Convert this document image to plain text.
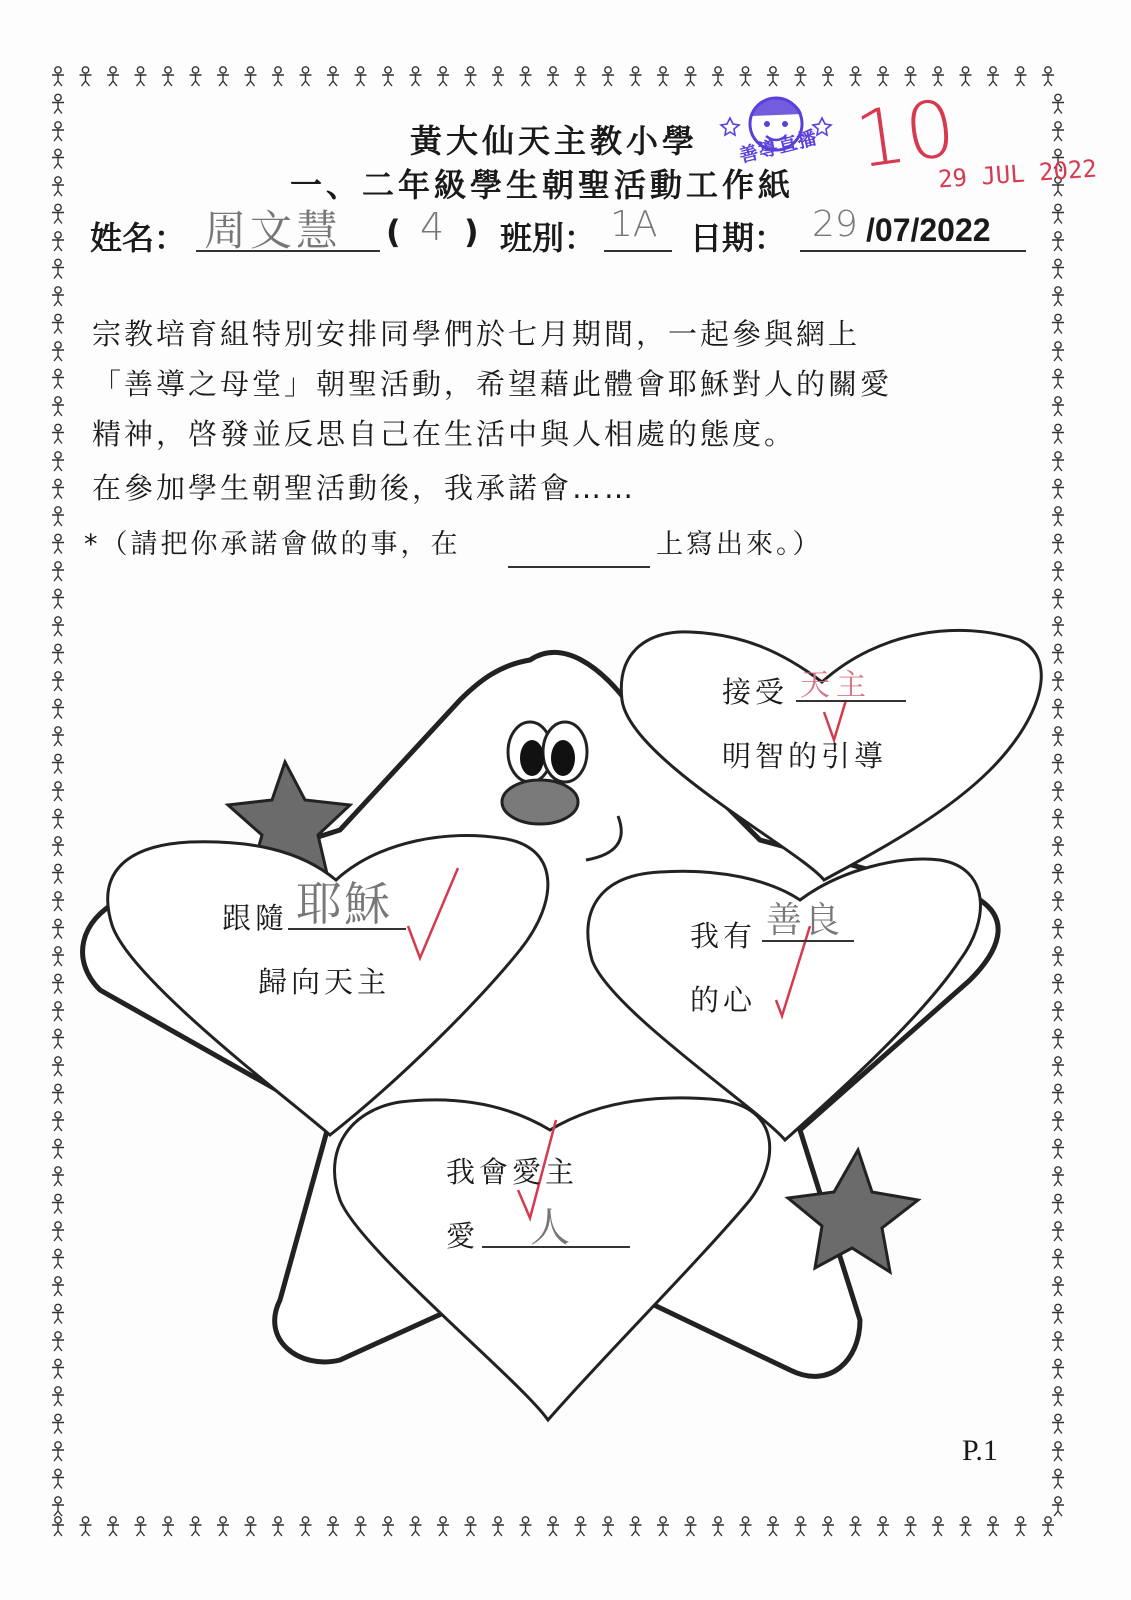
黃大仙天主教小學
一、二年級學生朝聖活動工作紙
善導直播 10
29 JUL 2022
姓名： 周文慧 ( 4 ) 班別： 1A 日期： 29 /07/2022
宗教培育組特別安排同學們於七月期間，一起參與網上
「善導之母堂」朝聖活動，希望藉此體會耶穌對人的關愛
精神，啓發並反思自己在生活中與人相處的態度。
在參加學生朝聖活動後，我承諾會……
*（請把你承諾會做的事，在	上寫出來。）
接受 天主
明智的引導
跟隨 耶穌
歸向天主
我有 善良
的心
我會愛主
愛 人
P.1
